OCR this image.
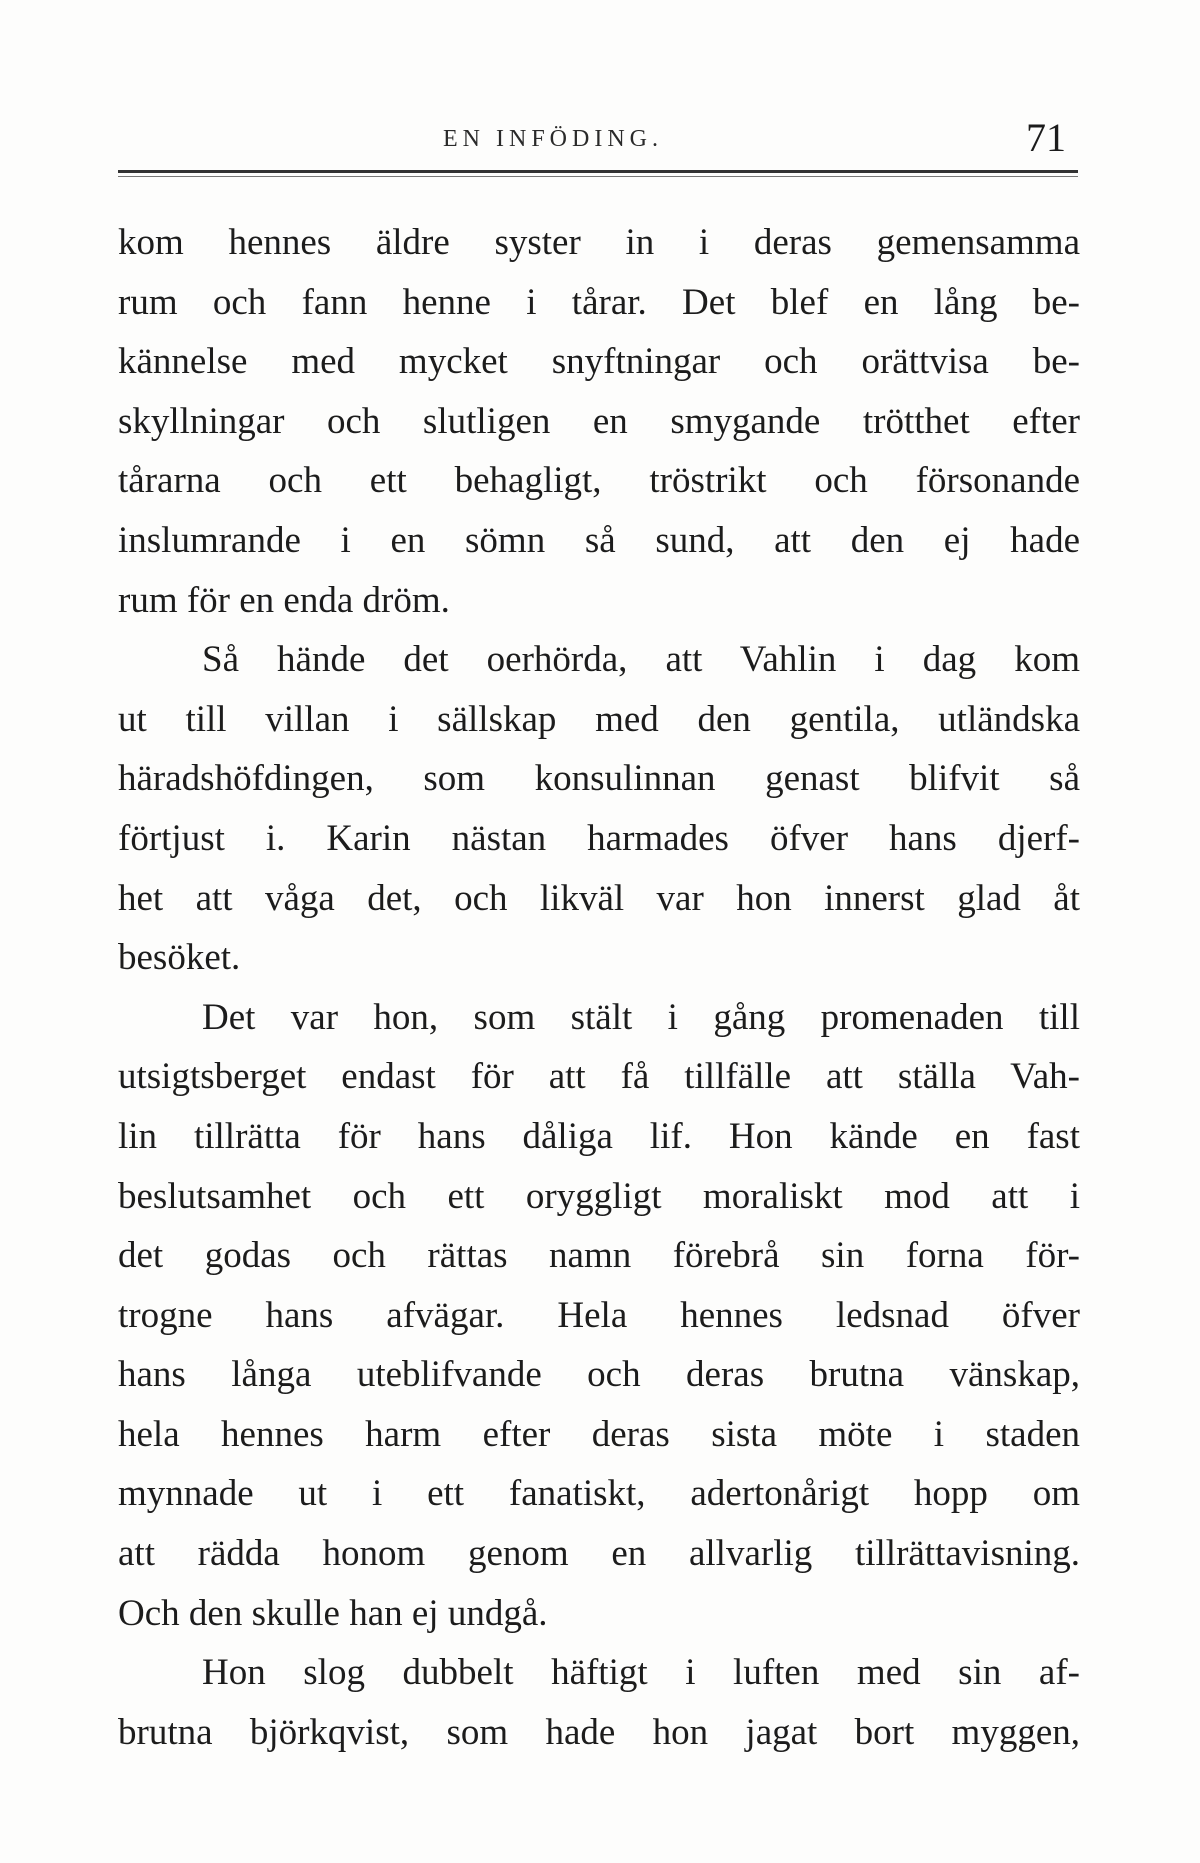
EN INFÖDING.	71
kom hennes äldre syster in i deras gemensamma
rum och fann henne i tårar. Det blef en lång be-
kännelse med mycket snyftningar och orättvisa be-
skyllningar och slutligen en smygande trötthet efter
tårarna och ett behagligt, tröstrikt och försonande
inslumrande i en sömn så sund, att den ej hade
rum för en enda dröm.
Så hände det oerhörda, att Vahlin i dag kom
ut till villan i sällskap med den gentila, utländska
häradshöfdingen, som konsulinnan genast blifvit så
förtjust i. Karin nästan harmades öfver hans djerf-
het att våga det, och likväl var hon innerst glad åt
besöket.
Det var hon, som stält i gång promenaden till
utsigtsberget endast för att få tillfälle att ställa Vah-
lin tillrätta för hans dåliga lif. Hon kände en fast
beslutsamhet och ett oryggligt moraliskt mod att i
det godas och rättas namn förebrå sin forna för-
trogne hans afvägar. Hela hennes ledsnad öfver
hans långa uteblifvande och deras brutna vänskap,
hela hennes harm efter deras sista möte i staden
mynnade ut i ett fanatiskt, adertonårigt hopp om
att rädda honom genom en allvarlig tillrättavisning.
Och den skulle han ej undgå.
Hon slog dubbelt häftigt i luften med sin af-
brutna björkqvist, som hade hon jagat bort myggen,
